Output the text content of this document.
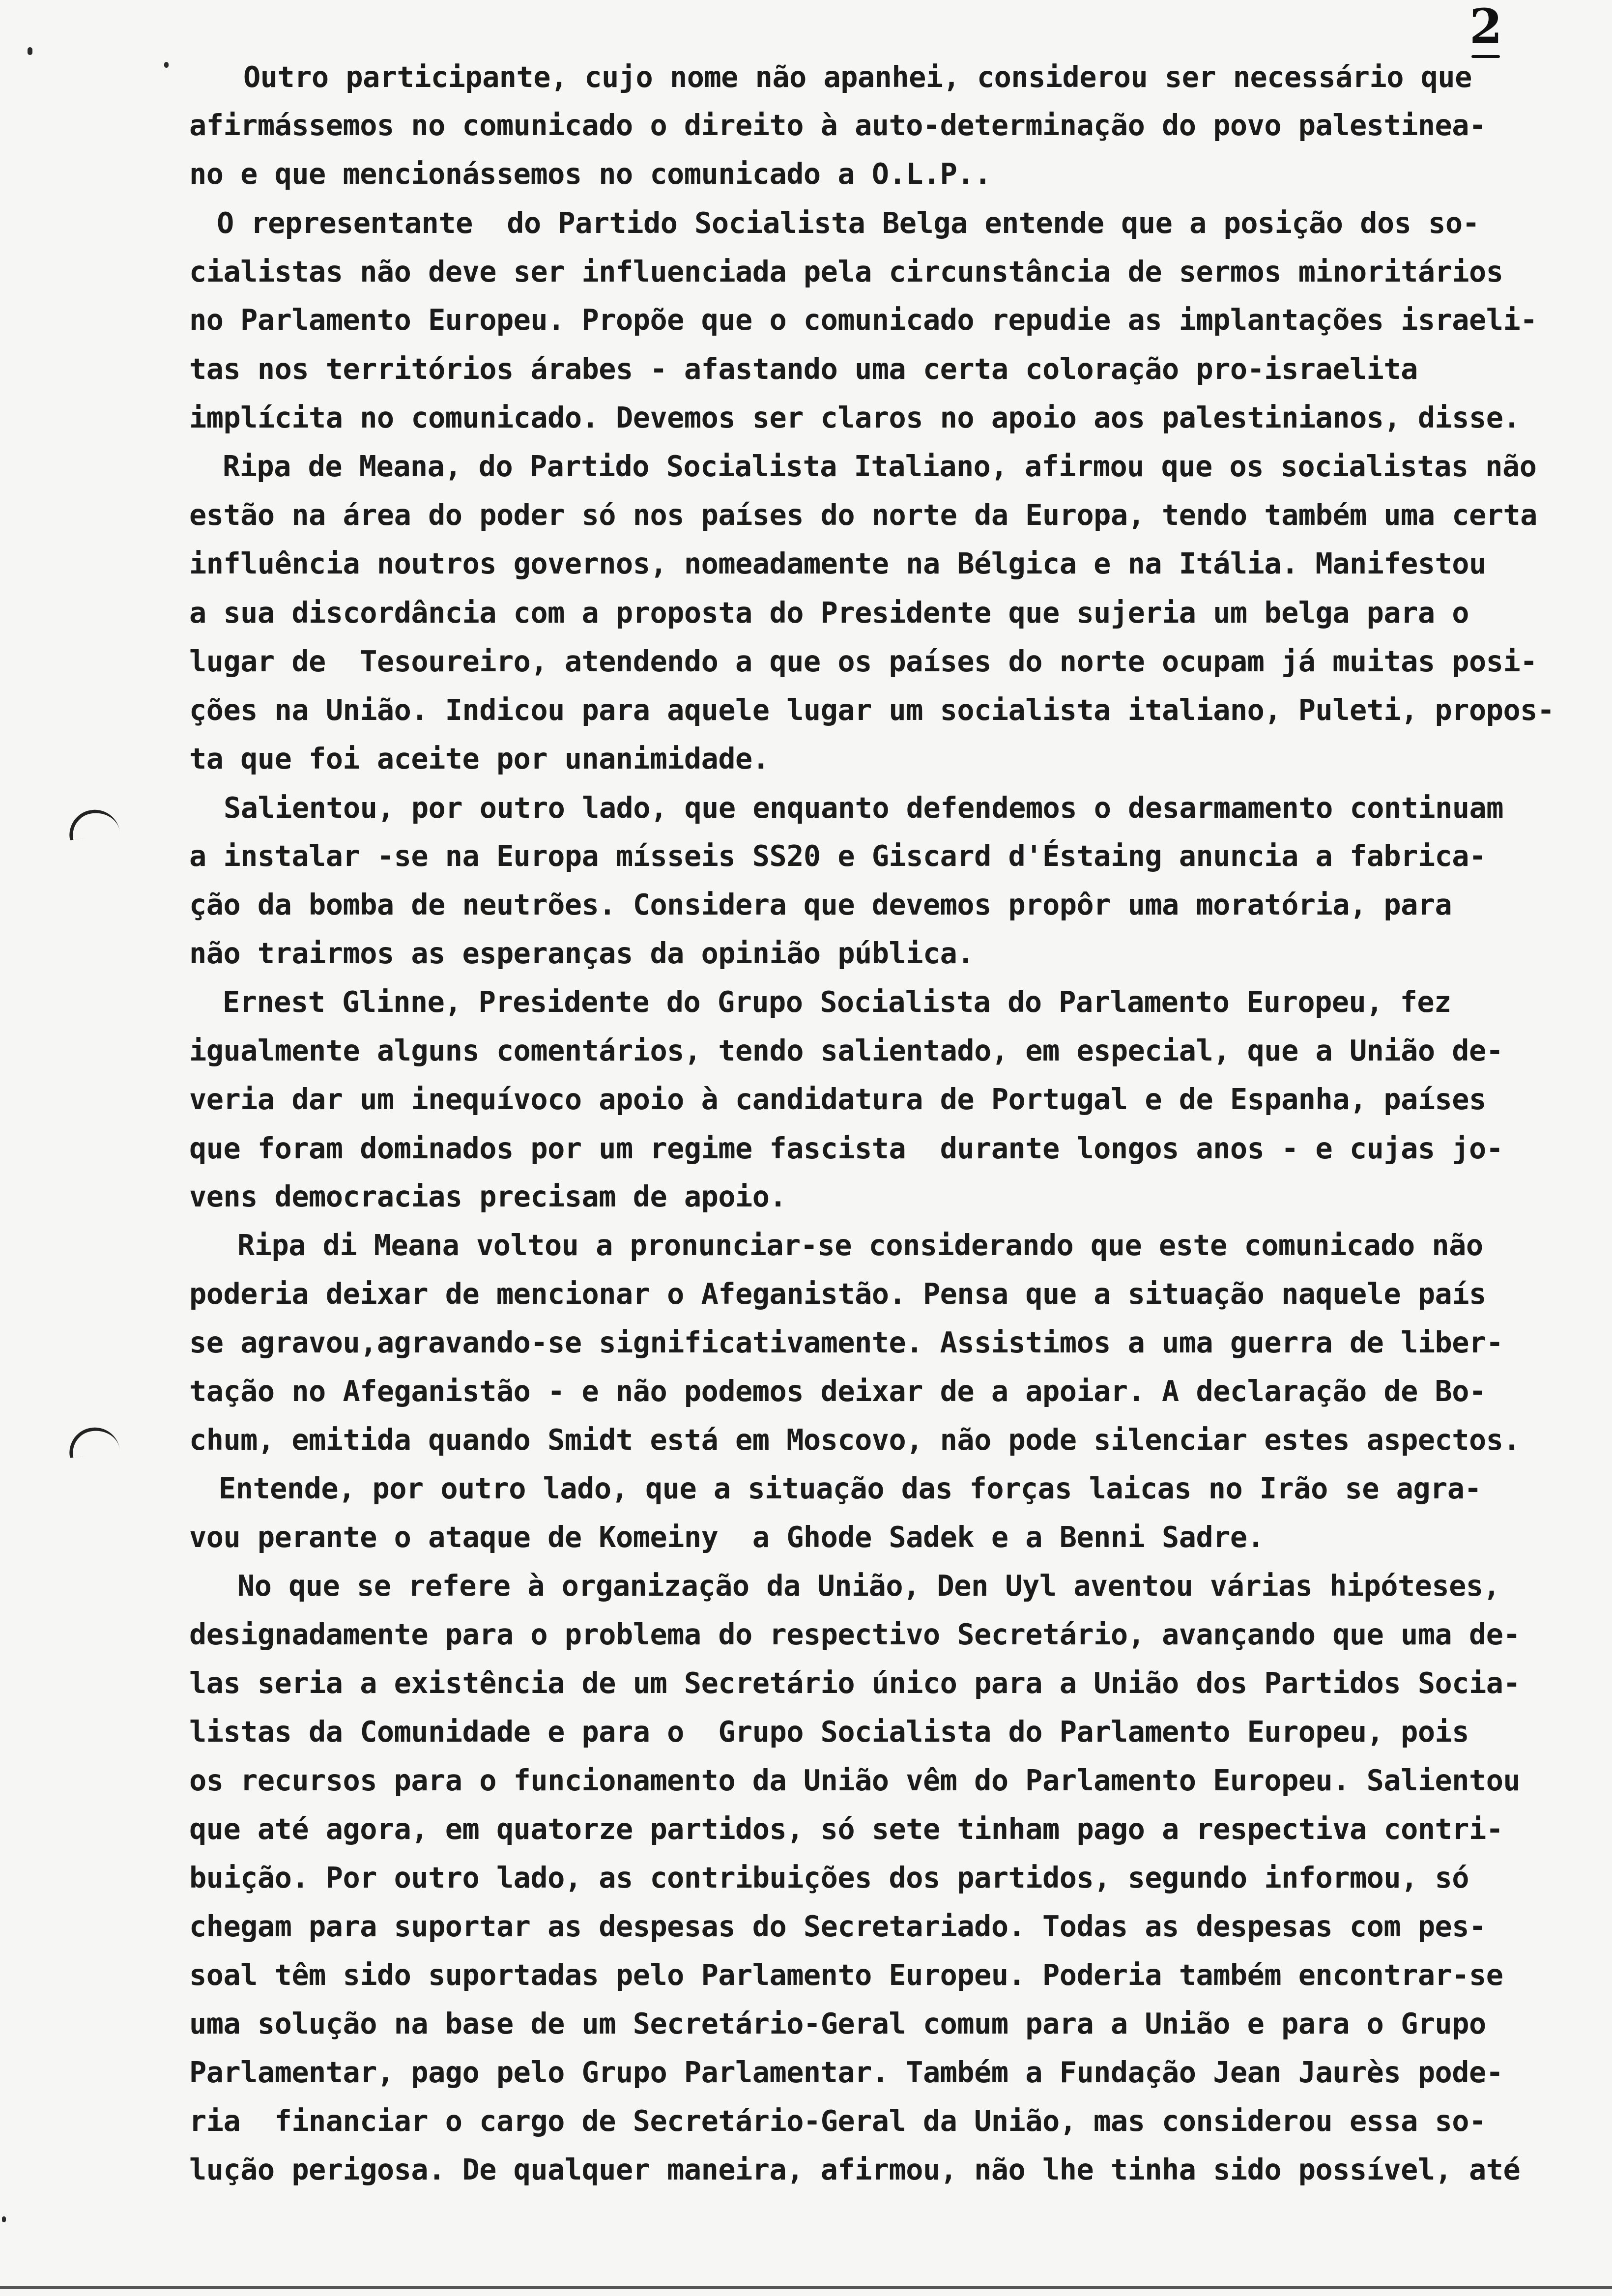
2
Outro participante, cujo nome não apanhei, considerou ser necessário que
afirmássemos no comunicado o direito à auto-determinação do povo palestinea-
no e que mencionássemos no comunicado a O.L.P..
O representante  do Partido Socialista Belga entende que a posição dos so-
cialistas não deve ser influenciada pela circunstância de sermos minoritários
no Parlamento Europeu. Propõe que o comunicado repudie as implantações israeli-
tas nos territórios árabes - afastando uma certa coloração pro-israelita
implícita no comunicado. Devemos ser claros no apoio aos palestinianos, disse.
Ripa de Meana, do Partido Socialista Italiano, afirmou que os socialistas não
estão na área do poder só nos países do norte da Europa, tendo também uma certa
influência noutros governos, nomeadamente na Bélgica e na Itália. Manifestou
a sua discordância com a proposta do Presidente que sujeria um belga para o
lugar de  Tesoureiro, atendendo a que os países do norte ocupam já muitas posi-
ções na União. Indicou para aquele lugar um socialista italiano, Puleti, propos-
ta que foi aceite por unanimidade.
Salientou, por outro lado, que enquanto defendemos o desarmamento continuam
a instalar -se na Europa mísseis SS20 e Giscard d'Éstaing anuncia a fabrica-
ção da bomba de neutrões. Considera que devemos propôr uma moratória, para
não trairmos as esperanças da opinião pública.
Ernest Glinne, Presidente do Grupo Socialista do Parlamento Europeu, fez
igualmente alguns comentários, tendo salientado, em especial, que a União de-
veria dar um inequívoco apoio à candidatura de Portugal e de Espanha, países
que foram dominados por um regime fascista  durante longos anos - e cujas jo-
vens democracias precisam de apoio.
Ripa di Meana voltou a pronunciar-se considerando que este comunicado não
poderia deixar de mencionar o Afeganistão. Pensa que a situação naquele país
se agravou,agravando-se significativamente. Assistimos a uma guerra de liber-
tação no Afeganistão - e não podemos deixar de a apoiar. A declaração de Bo-
chum, emitida quando Smidt está em Moscovo, não pode silenciar estes aspectos.
Entende, por outro lado, que a situação das forças laicas no Irão se agra-
vou perante o ataque de Komeiny  a Ghode Sadek e a Benni Sadre.
No que se refere à organização da União, Den Uyl aventou várias hipóteses,
designadamente para o problema do respectivo Secretário, avançando que uma de-
las seria a existência de um Secretário único para a União dos Partidos Socia-
listas da Comunidade e para o  Grupo Socialista do Parlamento Europeu, pois
os recursos para o funcionamento da União vêm do Parlamento Europeu. Salientou
que até agora, em quatorze partidos, só sete tinham pago a respectiva contri-
buição. Por outro lado, as contribuições dos partidos, segundo informou, só
chegam para suportar as despesas do Secretariado. Todas as despesas com pes-
soal têm sido suportadas pelo Parlamento Europeu. Poderia também encontrar-se
uma solução na base de um Secretário-Geral comum para a União e para o Grupo
Parlamentar, pago pelo Grupo Parlamentar. Também a Fundação Jean Jaurès pode-
ria  financiar o cargo de Secretário-Geral da União, mas considerou essa so-
lução perigosa. De qualquer maneira, afirmou, não lhe tinha sido possível, até
